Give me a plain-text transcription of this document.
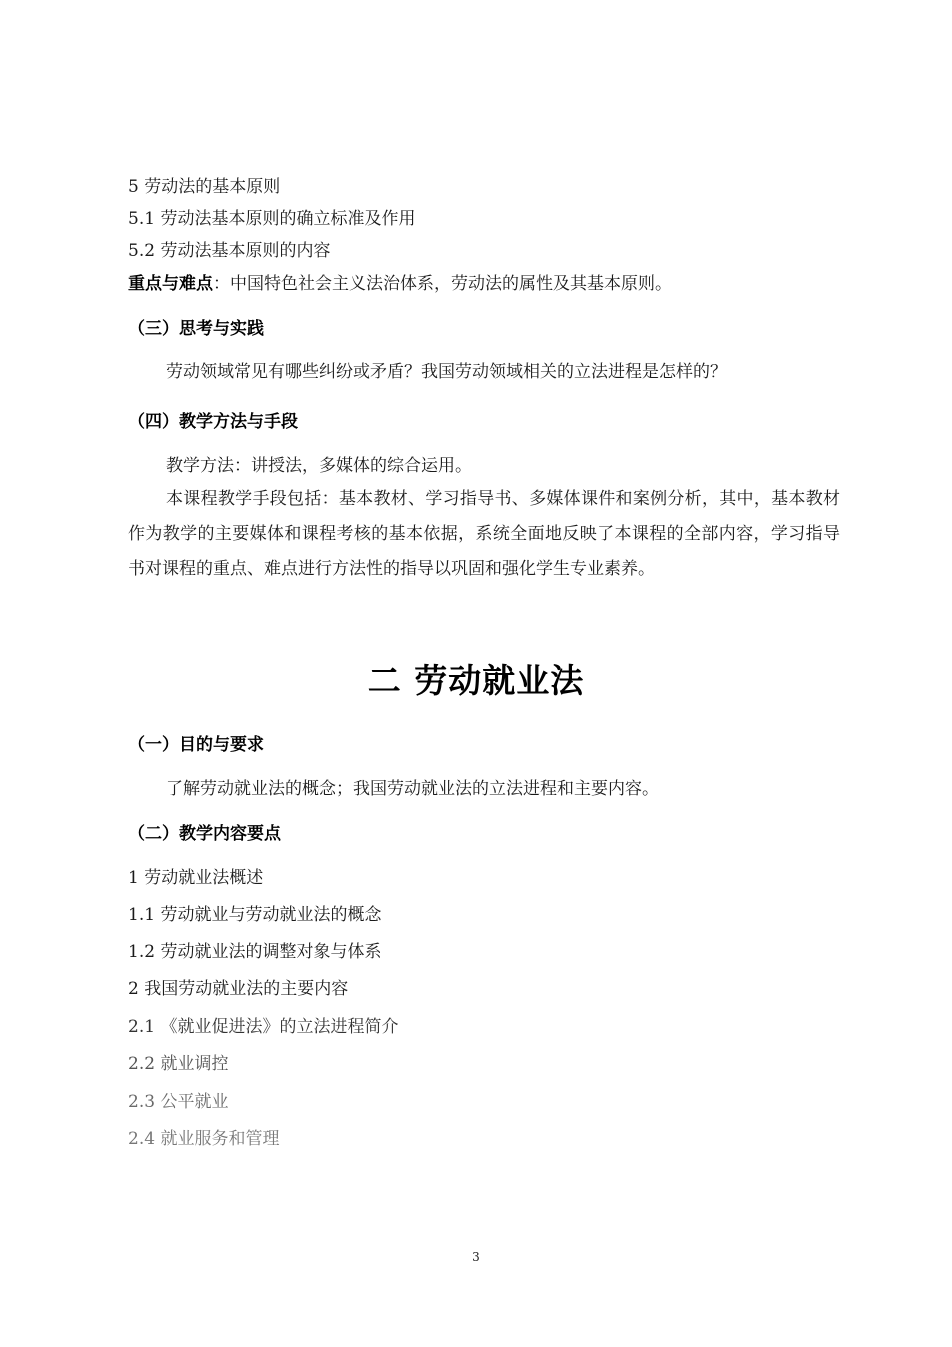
5 劳动法的基本原则
5.1 劳动法基本原则的确立标准及作用
5.2 劳动法基本原则的内容
重点与难点：中国特色社会主义法治体系，劳动法的属性及其基本原则。
（三）思考与实践
劳动领域常见有哪些纠纷或矛盾？我国劳动领域相关的立法进程是怎样的？
（四）教学方法与手段
教学方法：讲授法，多媒体的综合运用。
本课程教学手段包括：基本教材、学习指导书、多媒体课件和案例分析，其中，基本教材作为教学的主要媒体和课程考核的基本依据，系统全面地反映了本课程的全部内容，学习指导书对课程的重点、难点进行方法性的指导以巩固和强化学生专业素养。
二 劳动就业法
（一）目的与要求
了解劳动就业法的概念；我国劳动就业法的立法进程和主要内容。
（二）教学内容要点
1 劳动就业法概述
1.1 劳动就业与劳动就业法的概念
1.2 劳动就业法的调整对象与体系
2 我国劳动就业法的主要内容
2.1 《就业促进法》的立法进程简介
2.2 就业调控
2.3 公平就业
2.4 就业服务和管理
3
